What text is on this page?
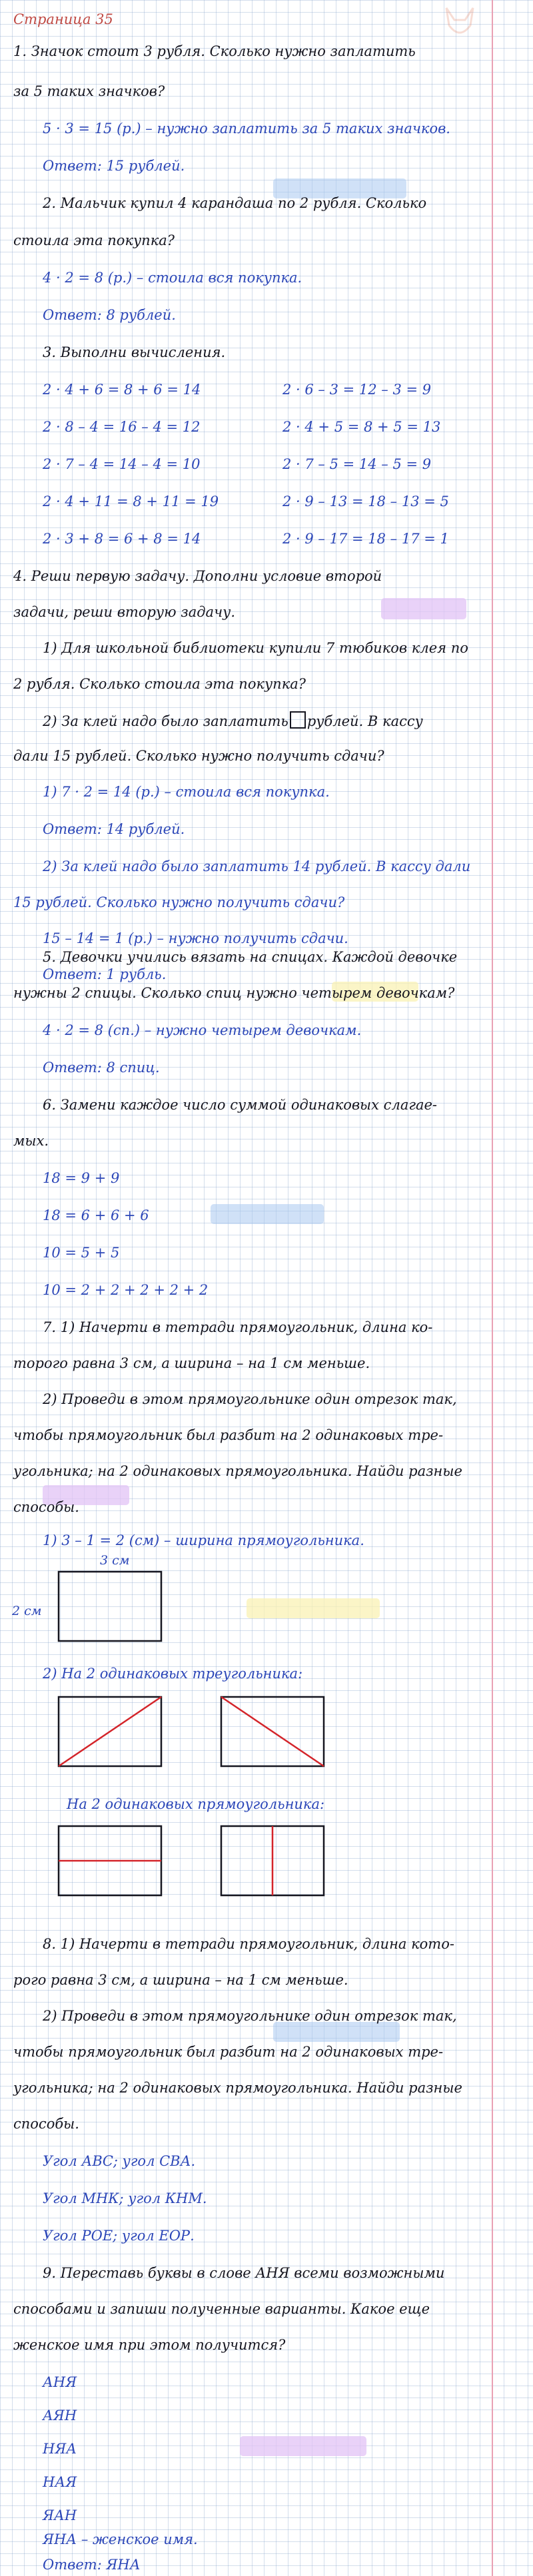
Страница 35
1. Значок стоит 3 рубля. Сколько нужно заплатить
за 5 таких значков?
5 · 3 = 15 (р.) – нужно заплатить за 5 таких значков.
Ответ: 15 рублей.
2. Мальчик купил 4 карандаша по 2 рубля. Сколько
стоила эта покупка?
4 · 2 = 8 (р.) – стоила вся покупка.
Ответ: 8 рублей.
3. Выполни вычисления.
2 · 4 + 6 = 8 + 6 = 14
2 · 8 – 4 = 16 – 4 = 12
2 · 7 – 4 = 14 – 4 = 10
2 · 4 + 11 = 8 + 11 = 19
2 · 3 + 8 = 6 + 8 = 14
2 · 6 – 3 = 12 – 3 = 9
2 · 4 + 5 = 8 + 5 = 13
2 · 7 – 5 = 14 – 5 = 9
2 · 9 – 13 = 18 – 13 = 5
2 · 9 – 17 = 18 – 17 = 1
4. Реши первую задачу. Дополни условие второй
задачи, реши вторую задачу.
1) Для школьной библиотеки купили 7 тюбиков клея по
2 рубля. Сколько стоила эта покупка?
2) За клей надо было заплатить рублей. В кассу
дали 15 рублей. Сколько нужно получить сдачи?
1) 7 · 2 = 14 (р.) – стоила вся покупка.
Ответ: 14 рублей.
2) За клей надо было заплатить 14 рублей. В кассу дали
15 рублей. Сколько нужно получить сдачи?
15 – 14 = 1 (р.) – нужно получить сдачи.
Ответ: 1 рубль.
5. Девочки учились вязать на спицах. Каждой девочке
нужны 2 спицы. Сколько спиц нужно четырем девочкам?
4 · 2 = 8 (сп.) – нужно четырем девочкам.
Ответ: 8 спиц.
6. Замени каждое число суммой одинаковых слагае-
мых.
18 = 9 + 9
18 = 6 + 6 + 6
10 = 5 + 5
10 = 2 + 2 + 2 + 2 + 2
7. 1) Начерти в тетради прямоугольник, длина ко-
торого равна 3 см, а ширина – на 1 см меньше.
2) Проведи в этом прямоугольнике один отрезок так,
чтобы прямоугольник был разбит на 2 одинаковых тре-
угольника; на 2 одинаковых прямоугольника. Найди разные
способы.
1) 3 – 1 = 2 (см) – ширина прямоугольника.
3 см
2 см
2) На 2 одинаковых треугольника:
На 2 одинаковых прямоугольника:
8. 1) Начерти в тетради прямоугольник, длина кото-
рого равна 3 см, а ширина – на 1 см меньше.
2) Проведи в этом прямоугольнике один отрезок так,
чтобы прямоугольник был разбит на 2 одинаковых тре-
угольника; на 2 одинаковых прямоугольника. Найди разные
способы.
Угол АВС; угол СВА.
Угол МНК; угол КНМ.
Угол РОЕ; угол ЕОР.
9. Переставь буквы в слове АНЯ всеми возможными
способами и запиши полученные варианты. Какое еще
женское имя при этом получится?
АНЯ
АЯН
НЯА
НАЯ
ЯАН
ЯНА – женское имя.
Ответ: ЯНА
